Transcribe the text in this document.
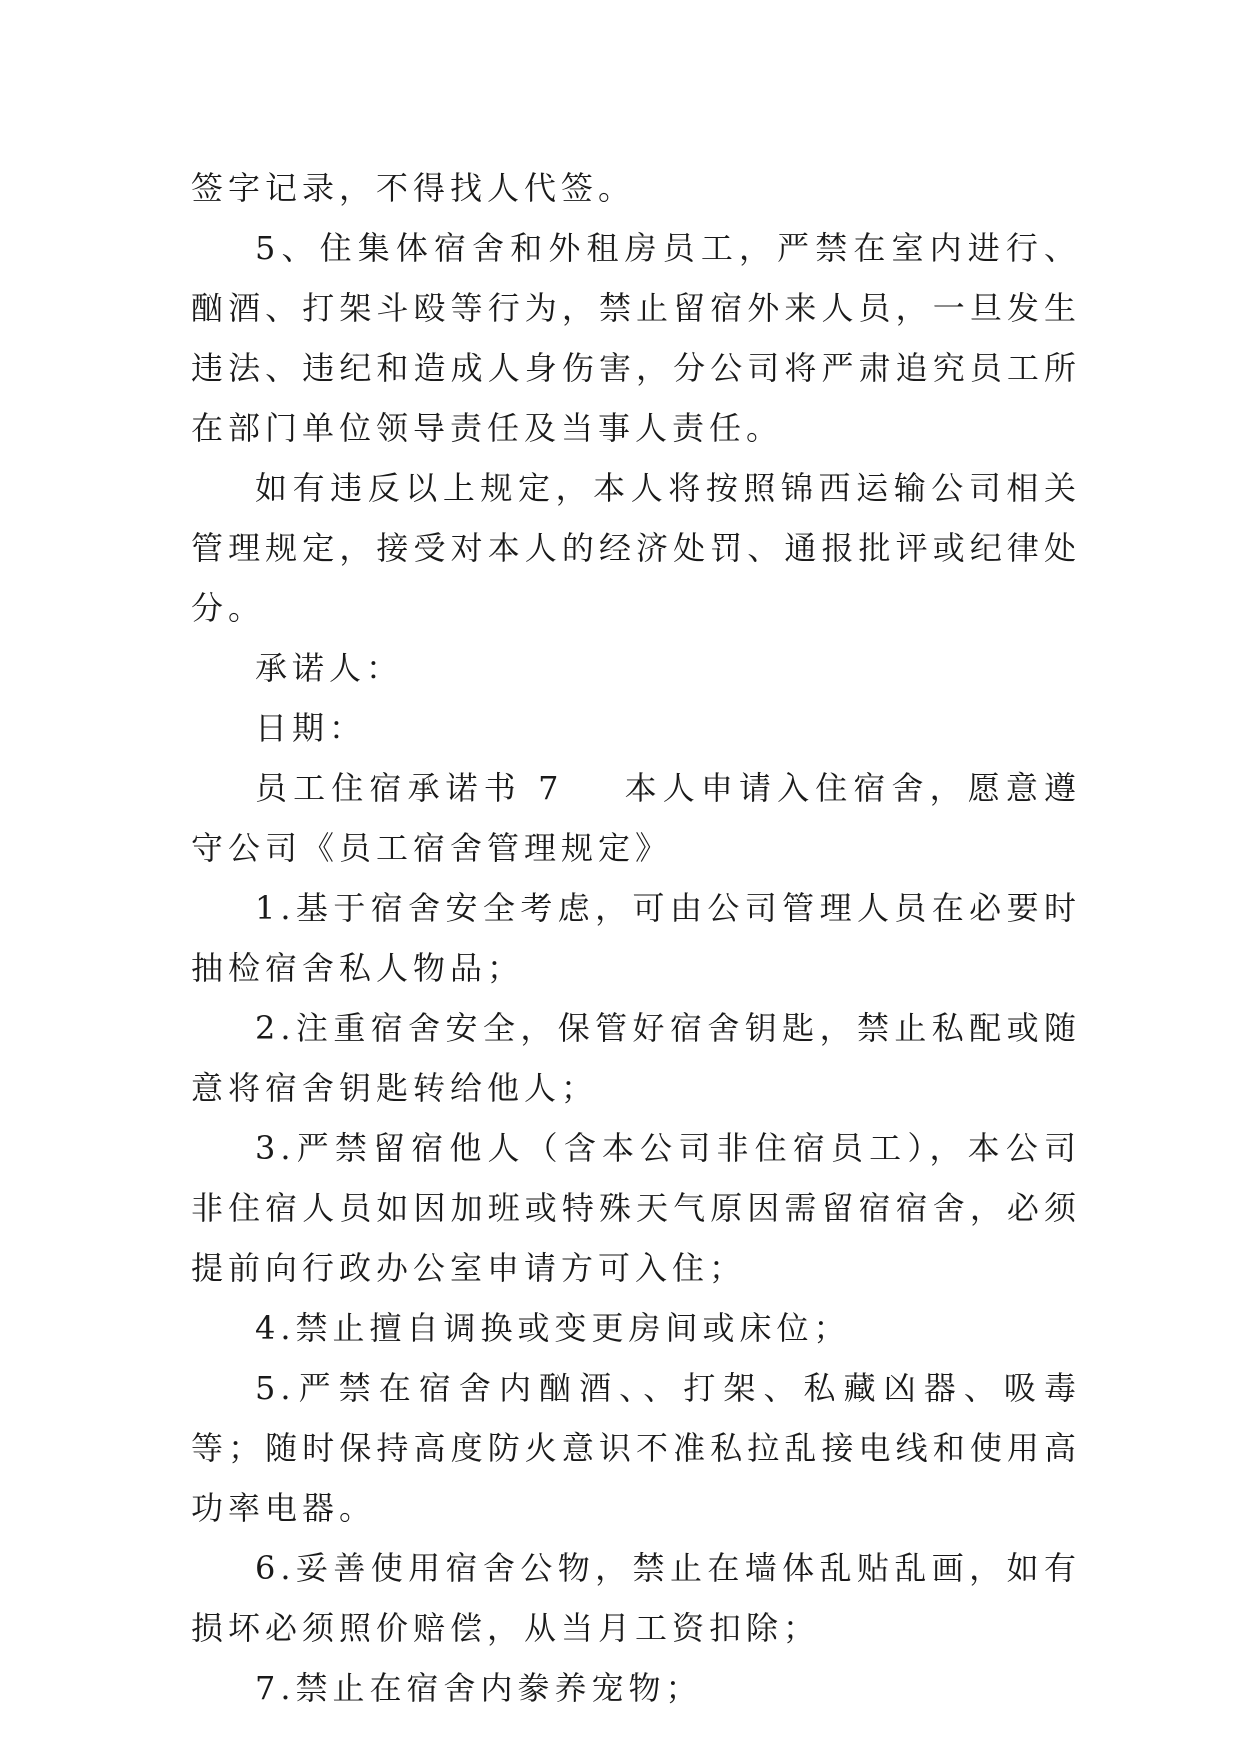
签字记录，不得找人代签。

5、住集体宿舍和外租房员工，严禁在室内进行、酗酒、打架斗殴等行为，禁止留宿外来人员，一旦发生违法、违纪和造成人身伤害，分公司将严肃追究员工所在部门单位领导责任及当事人责任。

如有违反以上规定，本人将按照锦西运输公司相关管理规定，接受对本人的经济处罚、通报批评或纪律处分。

承诺人：

日期：

员工住宿承诺书 7 本人申请入住宿舍，愿意遵守公司《员工宿舍管理规定》

1.基于宿舍安全考虑，可由公司管理人员在必要时抽检宿舍私人物品；

2.注重宿舍安全，保管好宿舍钥匙，禁止私配或随意将宿舍钥匙转给他人；

3.严禁留宿他人（含本公司非住宿员工），本公司非住宿人员如因加班或特殊天气原因需留宿宿舍，必须提前向行政办公室申请方可入住；

4.禁止擅自调换或变更房间或床位；

5.严禁在宿舍内酗酒、、打架、私藏凶器、吸毒等；随时保持高度防火意识不准私拉乱接电线和使用高功率电器。

6.妥善使用宿舍公物，禁止在墙体乱贴乱画，如有损坏必须照价赔偿，从当月工资扣除；

7.禁止在宿舍内豢养宠物；
